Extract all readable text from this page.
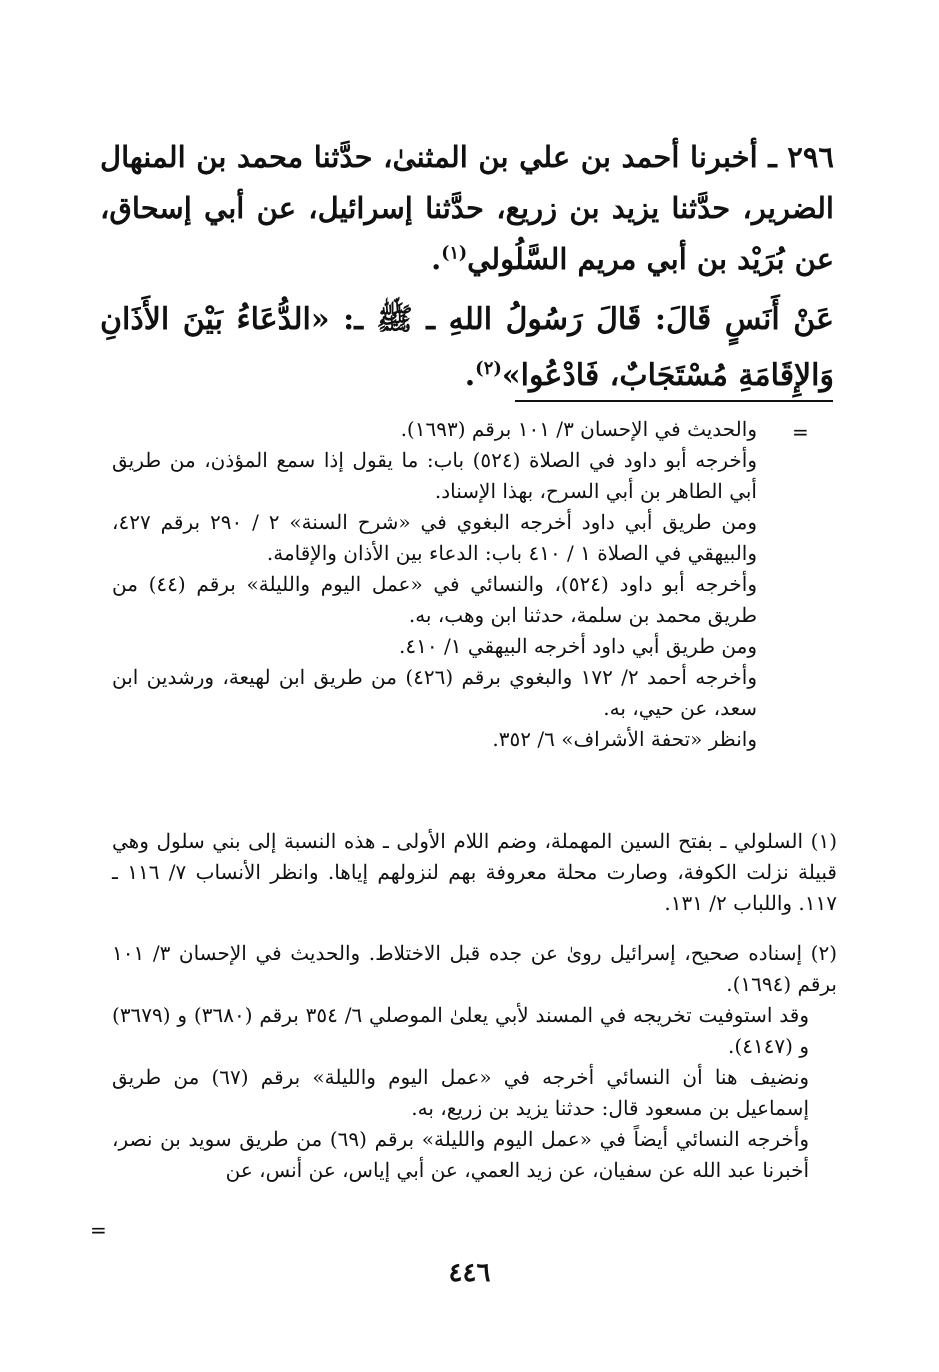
٢٩٦ ـ أخبرنا أحمد بن علي بن المثنىٰ، حدَّثنا محمد بن المنهال الضرير، حدَّثنا يزيد بن زريع، حدَّثنا إسرائيل، عن أبي إسحاق، عن بُرَيْد بن أبي مريم السَّلُولي$^{(١)}$.
عَنْ أَنَسٍ قَالَ: قَالَ رَسُولُ اللهِ ـ ﷺ ـ: «الدُّعَاءُ بَيْنَ الأَذَانِ وَالإِقَامَةِ مُسْتَجَابٌ، فَادْعُوا»$^{(٢)}$.
=

والحديث في الإحسان ٣/ ١٠١ برقم (١٦٩٣).

وأخرجه أبو داود في الصلاة (٥٢٤) باب: ما يقول إذا سمع المؤذن، من طريق أبي الطاهر بن أبي السرح، بهذا الإسناد.

ومن طريق أبي داود أخرجه البغوي في «شرح السنة» ٢ / ٢٩٠ برقم ٤٢٧، والبيهقي في الصلاة ١ / ٤١٠ باب: الدعاء بين الأذان والإقامة.

وأخرجه أبو داود (٥٢٤)، والنسائي في «عمل اليوم والليلة» برقم (٤٤) من طريق محمد بن سلمة، حدثنا ابن وهب، به.

ومن طريق أبي داود أخرجه البيهقي ١/ ٤١٠.

وأخرجه أحمد ٢/ ١٧٢ والبغوي برقم (٤٢٦) من طريق ابن لهيعة، ورشدين ابن سعد، عن حيي، به.

وانظر «تحفة الأشراف» ٦/ ٣٥٢.

(١) السلولي ـ بفتح السين المهملة، وضم اللام الأولى ـ هذه النسبة إلى بني سلول وهي قبيلة نزلت الكوفة، وصارت محلة معروفة بهم لنزولهم إياها. وانظر الأنساب ٧/ ١١٦ ـ ١١٧. واللباب ٢/ ١٣١.

(٢) إسناده صحيح، إسرائيل روىٰ عن جده قبل الاختلاط. والحديث في الإحسان ٣/ ١٠١ برقم (١٦٩٤).

وقد استوفيت تخريجه في المسند لأبي يعلىٰ الموصلي ٦/ ٣٥٤ برقم (٣٦٨٠) و (٣٦٧٩) و (٤١٤٧).

ونضيف هنا أن النسائي أخرجه في «عمل اليوم والليلة» برقم (٦٧) من طريق إسماعيل بن مسعود قال: حدثنا يزيد بن زريع، به.

وأخرجه النسائي أيضاً في «عمل اليوم والليلة» برقم (٦٩) من طريق سويد بن نصر، أخبرنا عبد الله عن سفيان، عن زيد العمي، عن أبي إياس، عن أنس، عن

=
٤٤٦
